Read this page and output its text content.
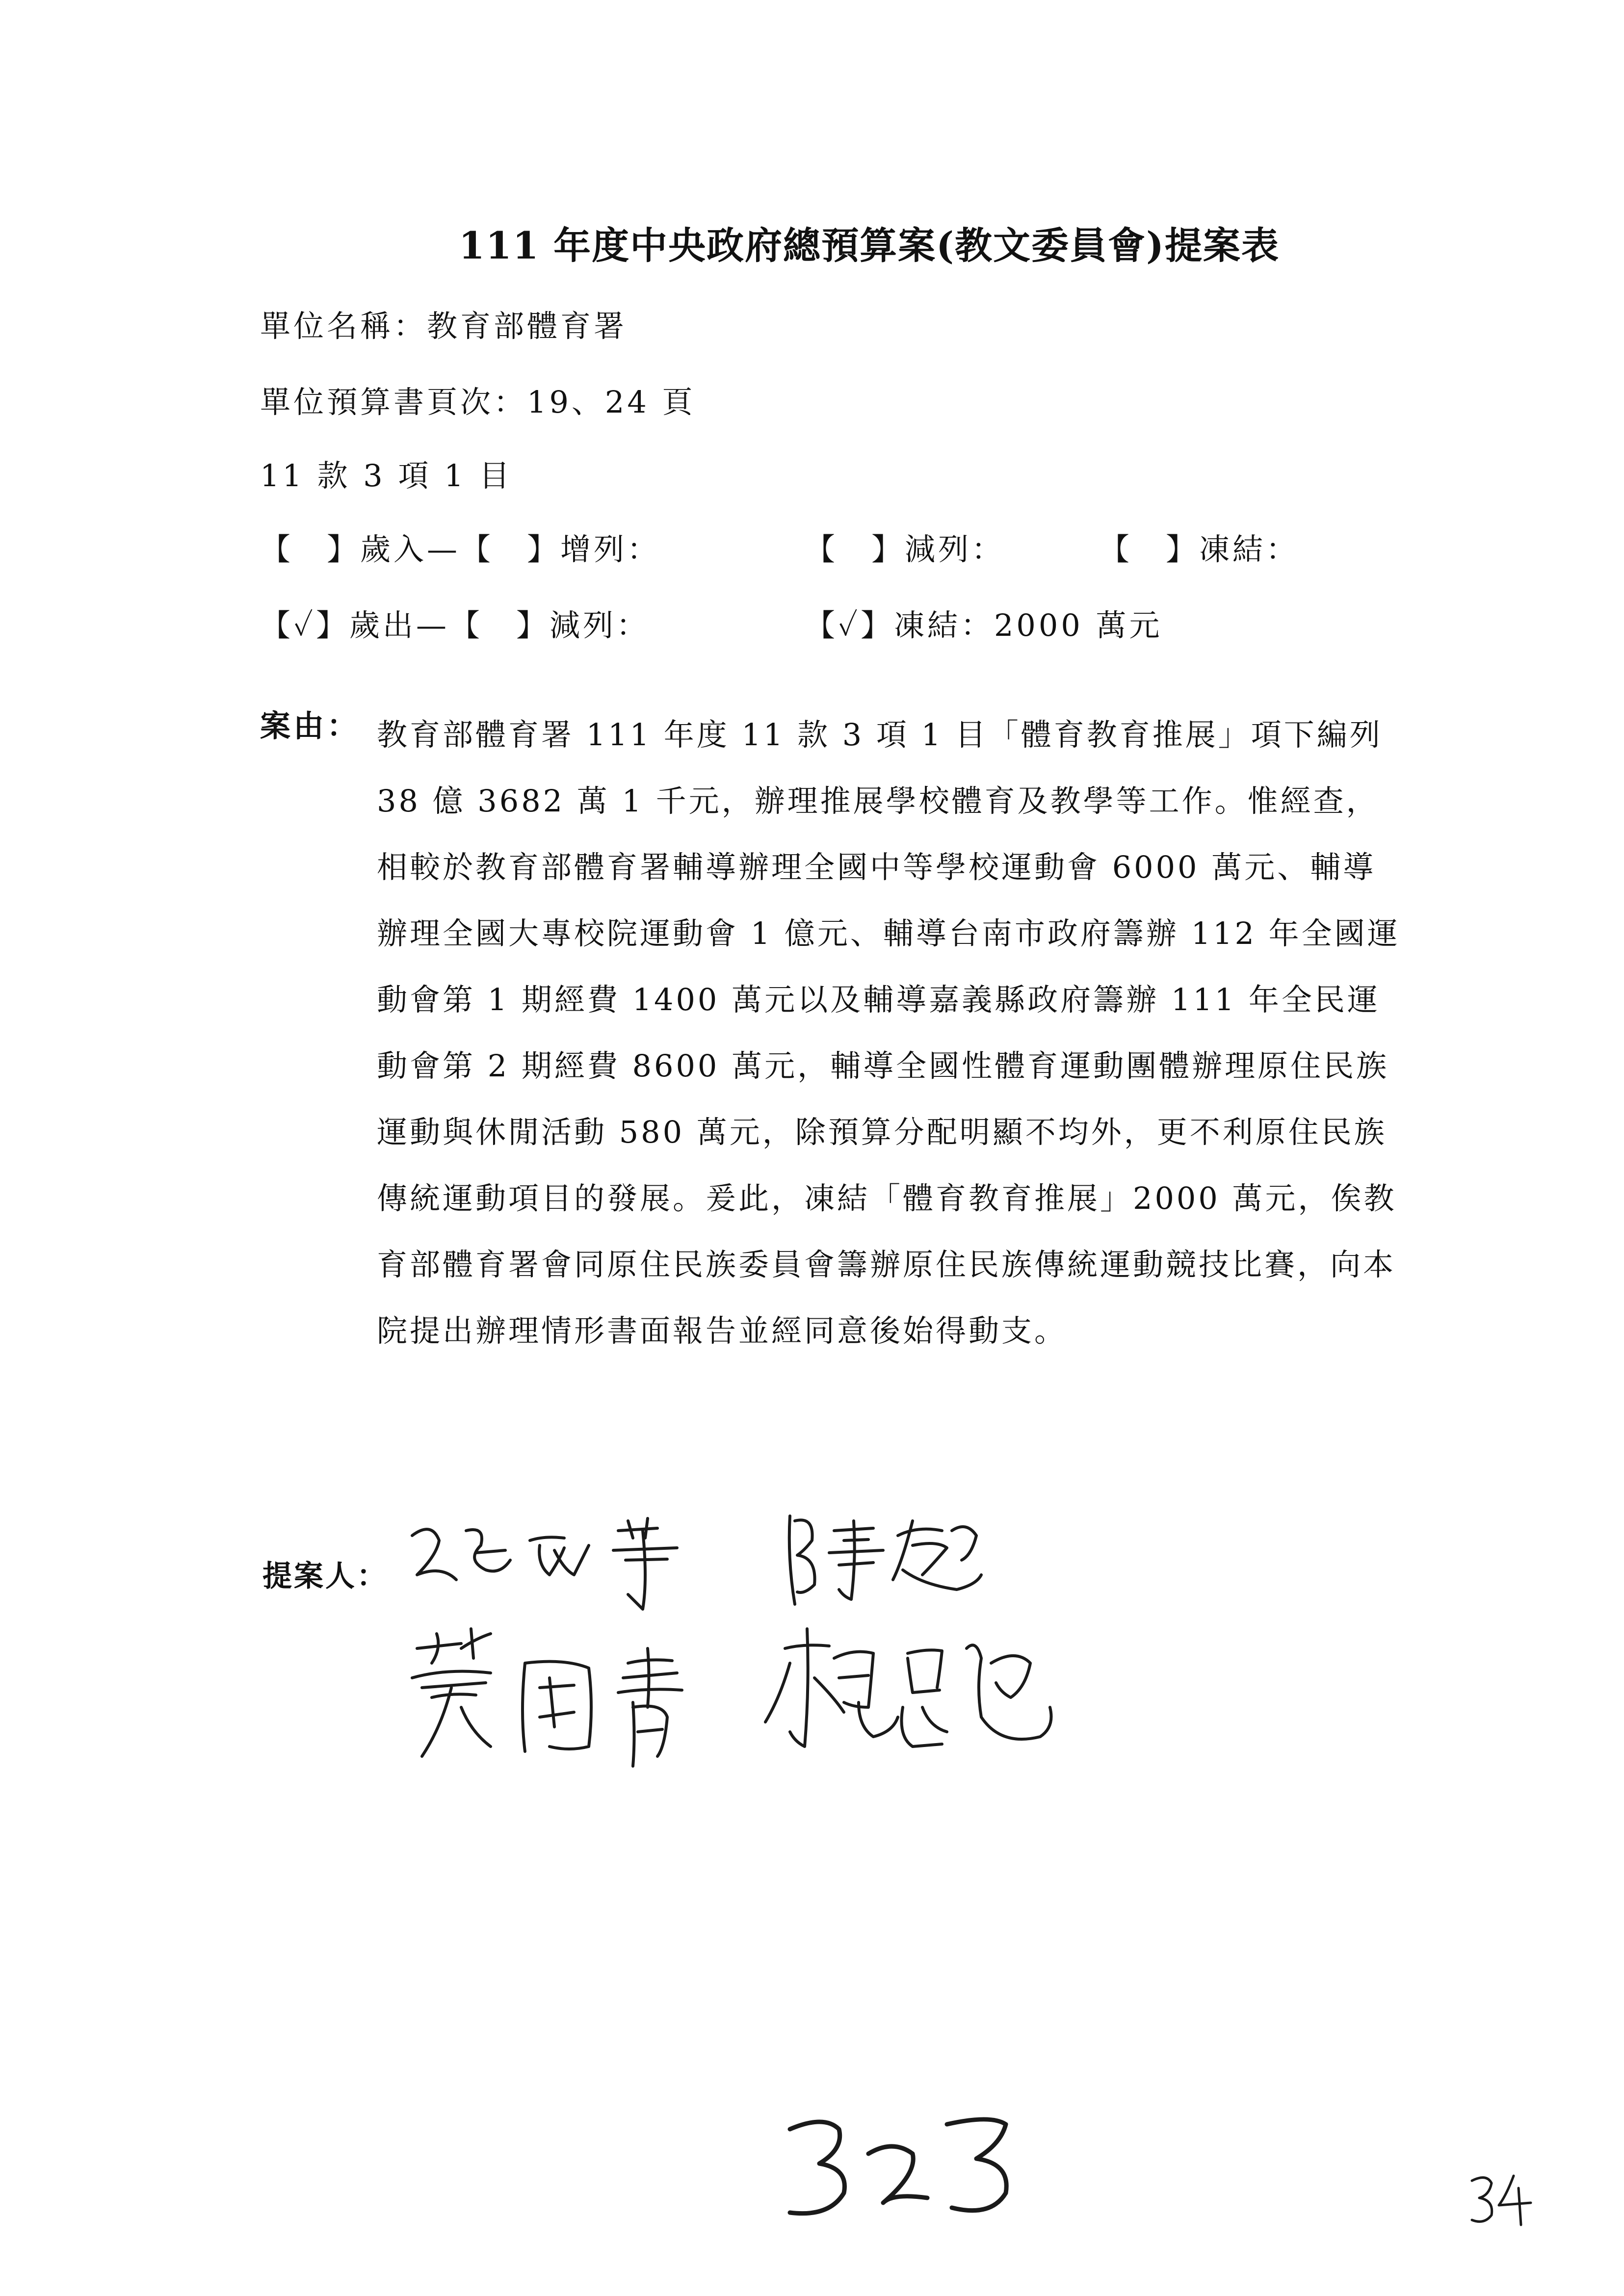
111 年度中央政府總預算案(教文委員會)提案表
單位名稱：教育部體育署
單位預算書頁次：19、24 頁
11 款 3 項 1 目
【　】歲入—【　】增列：	【　】減列：	【　】凍結：
【✓】歲出—【　】減列：	【✓】凍結：2000 萬元
案由： 教育部體育署 111 年度 11 款 3 項 1 目「體育教育推展」項下編列 38 億 3682 萬 1 千元，辦理推展學校體育及教學等工作。惟經查，相較於教育部體育署輔導辦理全國中等學校運動會 6000 萬元、輔導辦理全國大專校院運動會 1 億元、輔導台南市政府籌辦 112 年全國運動會第 1 期經費 1400 萬元以及輔導嘉義縣政府籌辦 111 年全民運動會第 2 期經費 8600 萬元，輔導全國性體育運動團體辦理原住民族運動與休閒活動 580 萬元，除預算分配明顯不均外，更不利原住民族傳統運動項目的發展。爰此，凍結「體育教育推展」2000 萬元，俟教育部體育署會同原住民族委員會籌辦原住民族傳統運動競技比賽，向本院提出辦理情形書面報告並經同意後始得動支。
提案人：
